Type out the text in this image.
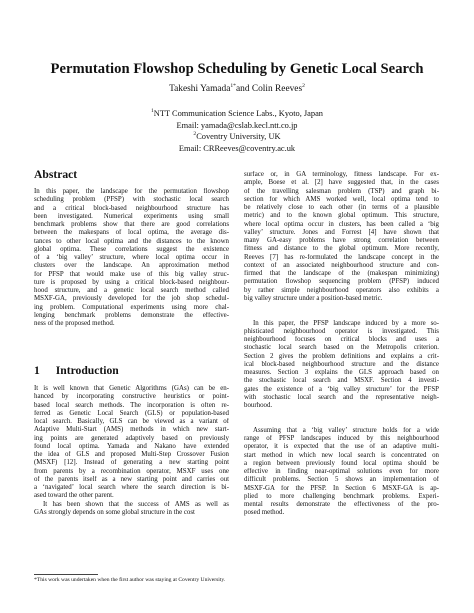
Permutation Flowshop Scheduling by Genetic Local Search
Takeshi Yamada$^{1*}$and Colin Reeves$^2$
$^1$NTT Communication Science Labs., Kyoto, Japan
Email: yamada@cslab.kecl.ntt.co.jp
$^2$Coventry University, UK
Email: CRReeves@coventry.ac.uk
Abstract
In this paper, the landscape for the permutation flowshop
scheduling problem (PFSP) with stochastic local search
and a critical block-based neighbourhood structure has
been investigated. Numerical experiments using small
benchmark problems show that there are good correlations
between the makespans of local optima, the average dis-
tances to other local optima and the distances to the known
global optima. These correlations suggest the existence
of a ‘big valley’ structure, where local optima occur in
clusters over the landscape. An approximation method
for PFSP that would make use of this big valley struc-
ture is proposed by using a critical block-based neighbour-
hood structure, and a genetic local search method called
MSXF-GA, previously developed for the job shop schedul-
ing problem. Computational experiments using more chal-
lenging benchmark problems demonstrate the effective-
ness of the proposed method.
1 Introduction
It is well known that Genetic Algorithms (GAs) can be en-
hanced by incorporating constructive heuristics or point-
based local search methods. The incorporation is often re-
ferred as Genetic Local Search (GLS) or population-based
local search. Basically, GLS can be viewed as a variant of
Adaptive Multi-Start (AMS) methods in which new start-
ing points are generated adaptively based on previously
found local optima. Yamada and Nakano have extended
the idea of GLS and proposed Multi-Step Crossover Fusion
(MSXF) [12]. Instead of generating a new starting point
from parents by a recombination operator, MSXF uses one
of the parents itself as a new starting point and carries out
a ‘navigated’ local search where the search direction is bi-
ased toward the other parent.
It has been shown that the success of AMS as well as
GAs strongly depends on some global structure in the cost
*This work was undertaken when the first author was staying at Coventry University.
surface or, in GA terminology, fitness landscape. For ex-
ample, Boese et al. [2] have suggested that, in the cases
of the travelling salesman problem (TSP) and graph bi-
section for which AMS worked well, local optima tend to
be relatively close to each other (in terms of a plausible
metric) and to the known global optimum. This structure,
where local optima occur in clusters, has been called a ‘big
valley’ structure. Jones and Forrest [4] have shown that
many GA-easy problems have strong correlation between
fitness and distance to the global optimum. More recently,
Reeves [7] has re-formulated the landscape concept in the
context of an associated neighbourhood structure and con-
firmed that the landscape of the (makespan minimizing)
permutation flowshop sequencing problem (PFSP) induced
by rather simple neighbourhood operators also exhibits a
big valley structure under a position-based metric.
In this paper, the PFSP landscape induced by a more so-
phisticated neighbourhood operator is investigated. This
neighbourhood focuses on critical blocks and uses a
stochastic local search based on the Metropolis criterion.
Section 2 gives the problem definitions and explains a crit-
ical block-based neighbourhood structure and the distance
measures. Section 3 explains the GLS approach based on
the stochastic local search and MSXF. Section 4 investi-
gates the existence of a ‘big valley structure’ for the PFSP
with stochastic local search and the representative neigh-
bourhood.
Assuming that a ‘big valley’ structure holds for a wide
range of PFSP landscapes induced by this neighbourhood
operator, it is expected that the use of an adaptive multi-
start method in which new local search is concentrated on
a region between previously found local optima should be
effective in finding near-optimal solutions even for more
difficult problems. Section 5 shows an implementation of
MSXF-GA for the PFSP. In Section 6 MSXF-GA is ap-
plied to more challenging benchmark problems. Experi-
mental results demonstrate the effectiveness of the pro-
posed method.
